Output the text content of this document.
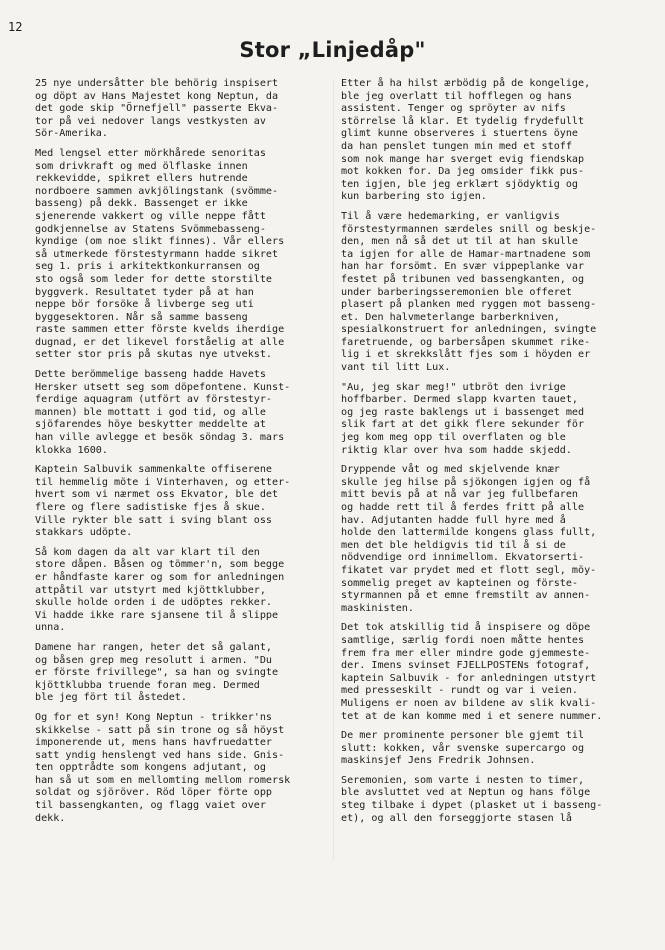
12
Stor „Linjedåp"

25 nye undersåtter ble behörig inspisert
og döpt av Hans Majestet kong Neptun, da
det gode skip "Örnefjell" passerte Ekva-
tor på vei nedover langs vestkysten av
Sör-Amerika.

Med lengsel etter mörkhårede senoritas
som drivkraft og med ölflaske innen
rekkevidde, spikret ellers hutrende
nordboere sammen avkjölingstank (svömme-
basseng) på dekk. Bassenget er ikke
sjenerende vakkert og ville neppe fått
godkjennelse av Statens Svömmebasseng-
kyndige (om noe slikt finnes). Vår ellers
så utmerkede förstestyrmann hadde sikret
seg 1. pris i arkitektkonkurransen og
sto også som leder for dette storstilte
byggverk. Resultatet tyder på at han
neppe bör forsöke å livberge seg uti
byggesektoren. Når så samme basseng
raste sammen etter förste kvelds iherdige
dugnad, er det likevel forståelig at alle
setter stor pris på skutas nye utvekst.

Dette berömmelige basseng hadde Havets
Hersker utsett seg som döpefontene. Kunst-
ferdige aquagram (utfört av förstestyr-
mannen) ble mottatt i god tid, og alle
sjöfarendes höye beskytter meddelte at
han ville avlegge et besök söndag 3. mars
klokka 1600.

Kaptein Salbuvik sammenkalte offiserene
til hemmelig möte i Vinterhaven, og etter-
hvert som vi nærmet oss Ekvator, ble det
flere og flere sadistiske fjes å skue.
Ville rykter ble satt i sving blant oss
stakkars udöpte.

Så kom dagen da alt var klart til den
store dåpen. Båsen og tömmer'n, som begge
er håndfaste karer og som for anledningen
attpåtil var utstyrt med kjöttklubber,
skulle holde orden i de udöptes rekker.
Vi hadde ikke rare sjansene til å slippe
unna.

Damene har rangen, heter det så galant,
og båsen grep meg resolutt i armen. "Du
er förste frivillege", sa han og svingte
kjöttklubba truende foran meg. Dermed
ble jeg fört til åstedet.

Og for et syn! Kong Neptun - trikker'ns
skikkelse - satt på sin trone og så höyst
imponerende ut, mens hans havfruedatter
satt yndig henslengt ved hans side. Gnis-
ten opptrådte som kongens adjutant, og
han så ut som en mellomting mellom romersk
soldat og sjöröver. Röd löper förte opp
til bassengkanten, og flagg vaiet over
dekk.

Etter å ha hilst ærbödig på de kongelige,
ble jeg overlatt til hofflegen og hans
assistent. Tenger og spröyter av nifs
störrelse lå klar. Et tydelig frydefullt
glimt kunne observeres i stuertens öyne
da han penslet tungen min med et stoff
som nok mange har sverget evig fiendskap
mot kokken for. Da jeg omsider fikk pus-
ten igjen, ble jeg erklært sjödyktig og
kun barbering sto igjen.

Til å være hedemarking, er vanligvis
förstestyrmannen særdeles snill og beskje-
den, men nå så det ut til at han skulle
ta igjen for alle de Hamar-martnadene som
han har forsömt. En svær vippeplanke var
festet på tribunen ved bassengkanten, og
under barberingsseremonien ble offeret
plasert på planken med ryggen mot basseng-
et. Den halvmeterlange barberkniven,
spesialkonstruert for anledningen, svingte
faretruende, og barbersåpen skummet rike-
lig i et skrekkslått fjes som i höyden er
vant til litt Lux.

"Au, jeg skar meg!" utbröt den ivrige
hoffbarber. Dermed slapp kvarten tauet,
og jeg raste baklengs ut i bassenget med
slik fart at det gikk flere sekunder för
jeg kom meg opp til overflaten og ble
riktig klar over hva som hadde skjedd.

Dryppende våt og med skjelvende knær
skulle jeg hilse på sjökongen igjen og få
mitt bevis på at nå var jeg fullbefaren
og hadde rett til å ferdes fritt på alle
hav. Adjutanten hadde full hyre med å
holde den lattermilde kongens glass fullt,
men det ble heldigvis tid til å si de
nödvendige ord innimellom. Ekvatorserti-
fikatet var prydet med et flott segl, möy-
sommelig preget av kapteinen og förste-
styrmannen på et emne fremstilt av annen-
maskinisten.

Det tok atskillig tid å inspisere og döpe
samtlige, særlig fordi noen måtte hentes
frem fra mer eller mindre gode gjemmeste-
der. Imens svinset FJELLPOSTENs fotograf,
kaptein Salbuvik - for anledningen utstyrt
med presseskilt - rundt og var i veien.
Muligens er noen av bildene av slik kvali-
tet at de kan komme med i et senere nummer.

De mer prominente personer ble gjemt til
slutt: kokken, vår svenske supercargo og
maskinsjef Jens Fredrik Johnsen.

Seremonien, som varte i nesten to timer,
ble avsluttet ved at Neptun og hans fölge
steg tilbake i dypet (plasket ut i basseng-
et), og all den forseggjorte stasen lå
